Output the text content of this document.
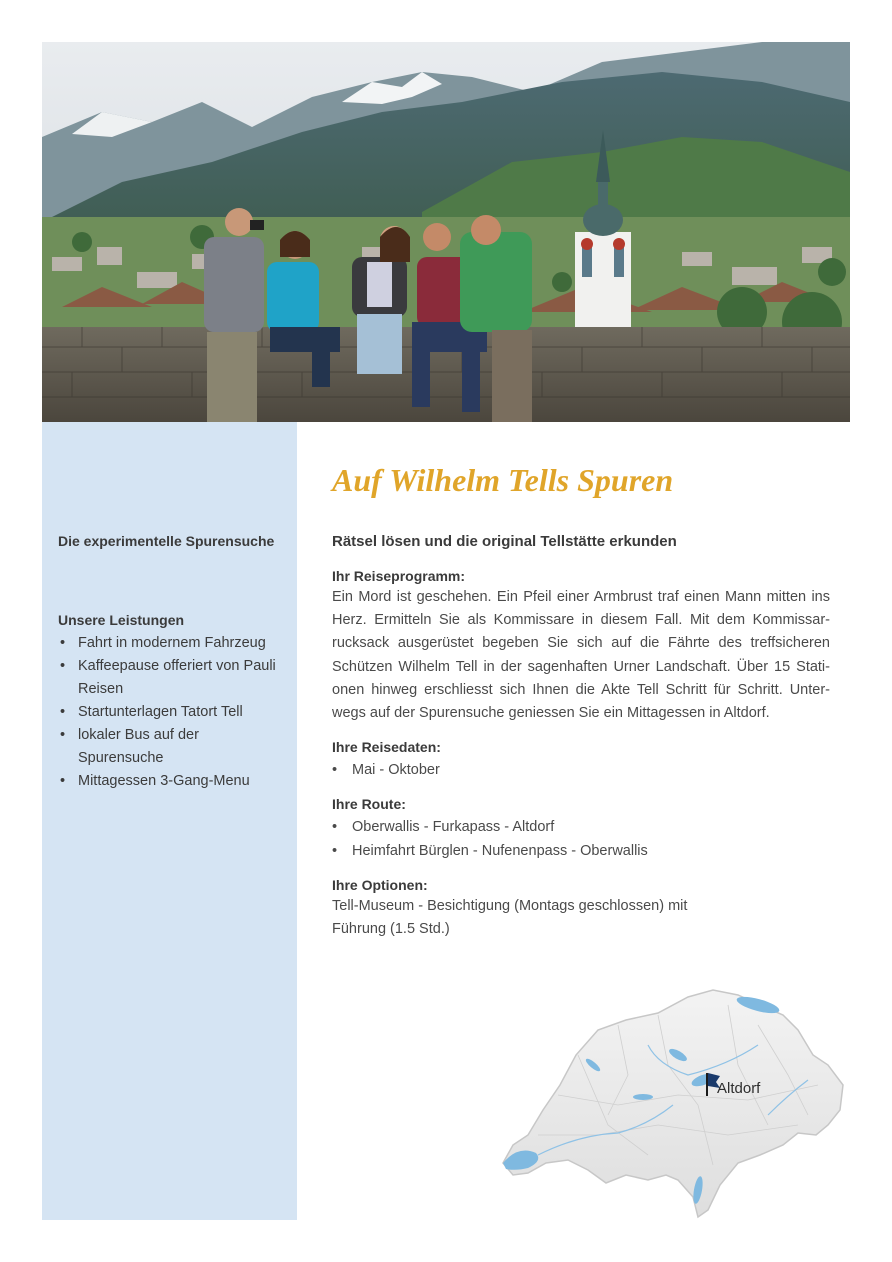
Die experimentelle Spurensuche
Unsere Leistungen
• Fahrt in modernem Fahrzeug
• Kaffeepause offeriert von Pauli Reisen
• Startunterlagen Tatort Tell
• lokaler Bus auf der Spurensuche
• Mittagessen 3-Gang-Menu
Auf Wilhelm Tells Spuren
Rätsel lösen und die original Tellstätte erkunden
Ihr Reiseprogramm:
Ein Mord ist geschehen. Ein Pfeil einer Armbrust traf einen Mann mitten ins Herz. Ermitteln Sie als Kommissare in diesem Fall. Mit dem Kommissar-rucksack ausgerüstet begeben Sie sich auf die Fährte des treffsicheren Schützen Wilhelm Tell in der sagenhaften Urner Landschaft. Über 15 Stati-onen hinweg erschliesst sich Ihnen die Akte Tell Schritt für Schritt. Unter-wegs auf der Spurensuche geniessen Sie ein Mittagessen in Altdorf.
Ihre Reisedaten:
• Mai - Oktober
Ihre Route:
• Oberwallis - Furkapass - Altdorf
• Heimfahrt Bürglen - Nufenenpass - Oberwallis
Ihre Optionen:
Tell-Museum - Besichtigung (Montags geschlossen) mit Führung (1.5 Std.)
Altdorf
